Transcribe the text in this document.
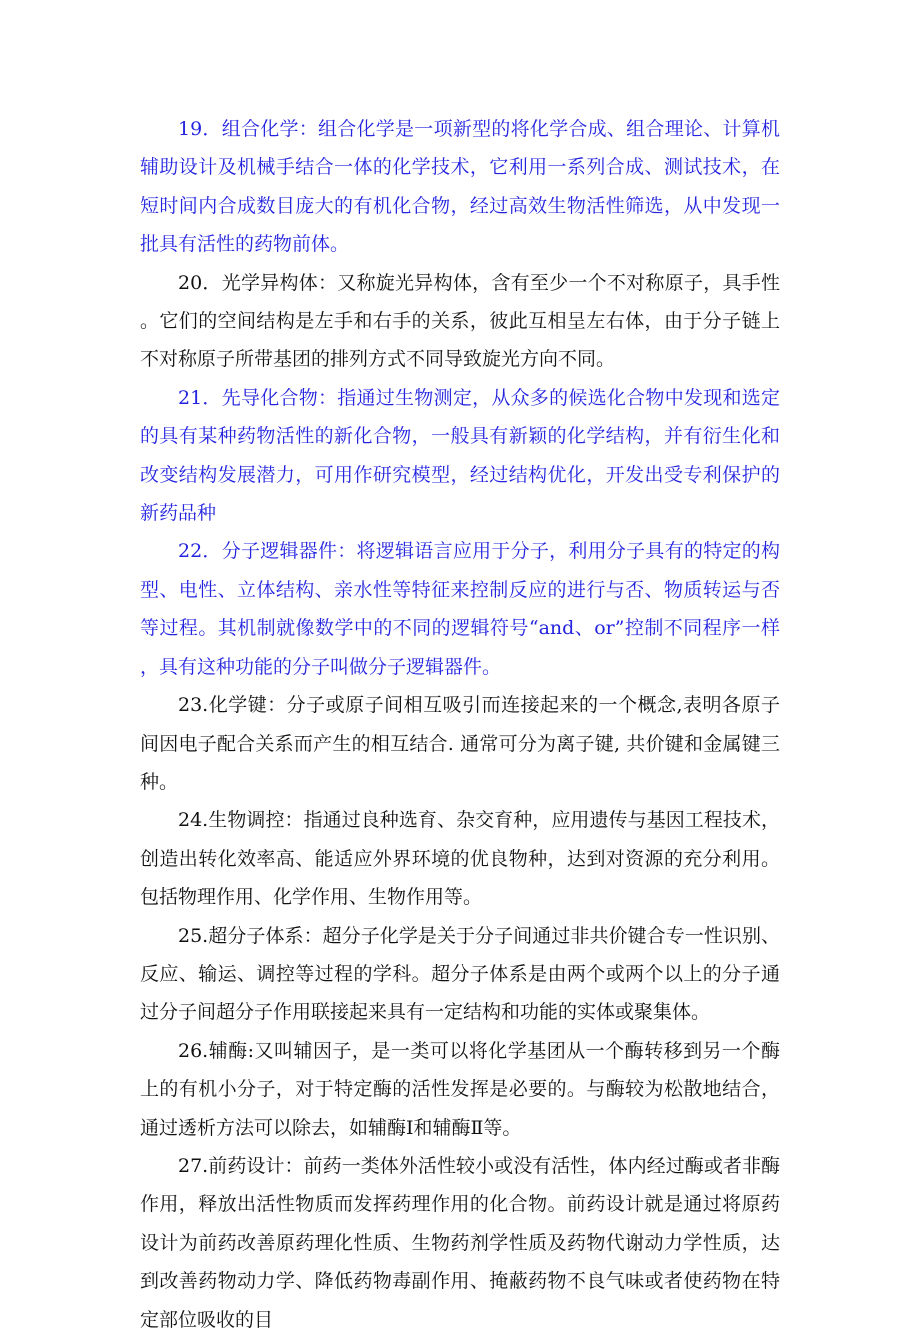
19．组合化学：组合化学是一项新型的将化学合成、组合理论、计算机辅助设计及机械手结合一体的化学技术，它利用一系列合成、测试技术，在短时间内合成数目庞大的有机化合物，经过高效生物活性筛选，从中发现一批具有活性的药物前体。

20．光学异构体：又称旋光异构体，含有至少一个不对称原子，具手性。它们的空间结构是左手和右手的关系，彼此互相呈左右体，由于分子链上不对称原子所带基团的排列方式不同导致旋光方向不同。

21．先导化合物：指通过生物测定，从众多的候选化合物中发现和选定的具有某种药物活性的新化合物，一般具有新颖的化学结构，并有衍生化和改变结构发展潜力，可用作研究模型，经过结构优化，开发出受专利保护的新药品种

22．分子逻辑器件：将逻辑语言应用于分子，利用分子具有的特定的构型、电性、立体结构、亲水性等特征来控制反应的进行与否、物质转运与否等过程。其机制就像数学中的不同的逻辑符号“and、or”控制不同程序一样，具有这种功能的分子叫做分子逻辑器件。

23.化学键：分子或原子间相互吸引而连接起来的一个概念,表明各原子间因电子配合关系而产生的相互结合. 通常可分为离子键, 共价键和金属键三种。

24.生物调控：指通过良种选育、杂交育种，应用遗传与基因工程技术，创造出转化效率高、能适应外界环境的优良物种，达到对资源的充分利用。包括物理作用、化学作用、生物作用等。

25.超分子体系：超分子化学是关于分子间通过非共价键合专一性识别、反应、输运、调控等过程的学科。超分子体系是由两个或两个以上的分子通过分子间超分子作用联接起来具有一定结构和功能的实体或聚集体。

26.辅酶:又叫辅因子，是一类可以将化学基团从一个酶转移到另一个酶上的有机小分子，对于特定酶的活性发挥是必要的。与酶较为松散地结合，通过透析方法可以除去，如辅酶Ⅰ和辅酶Ⅱ等。

27.前药设计：前药一类体外活性较小或没有活性，体内经过酶或者非酶作用，释放出活性物质而发挥药理作用的化合物。前药设计就是通过将原药设计为前药改善原药理化性质、生物药剂学性质及药物代谢动力学性质，达到改善药物动力学、降低药物毒副作用、掩蔽药物不良气味或者使药物在特定部位吸收的目
